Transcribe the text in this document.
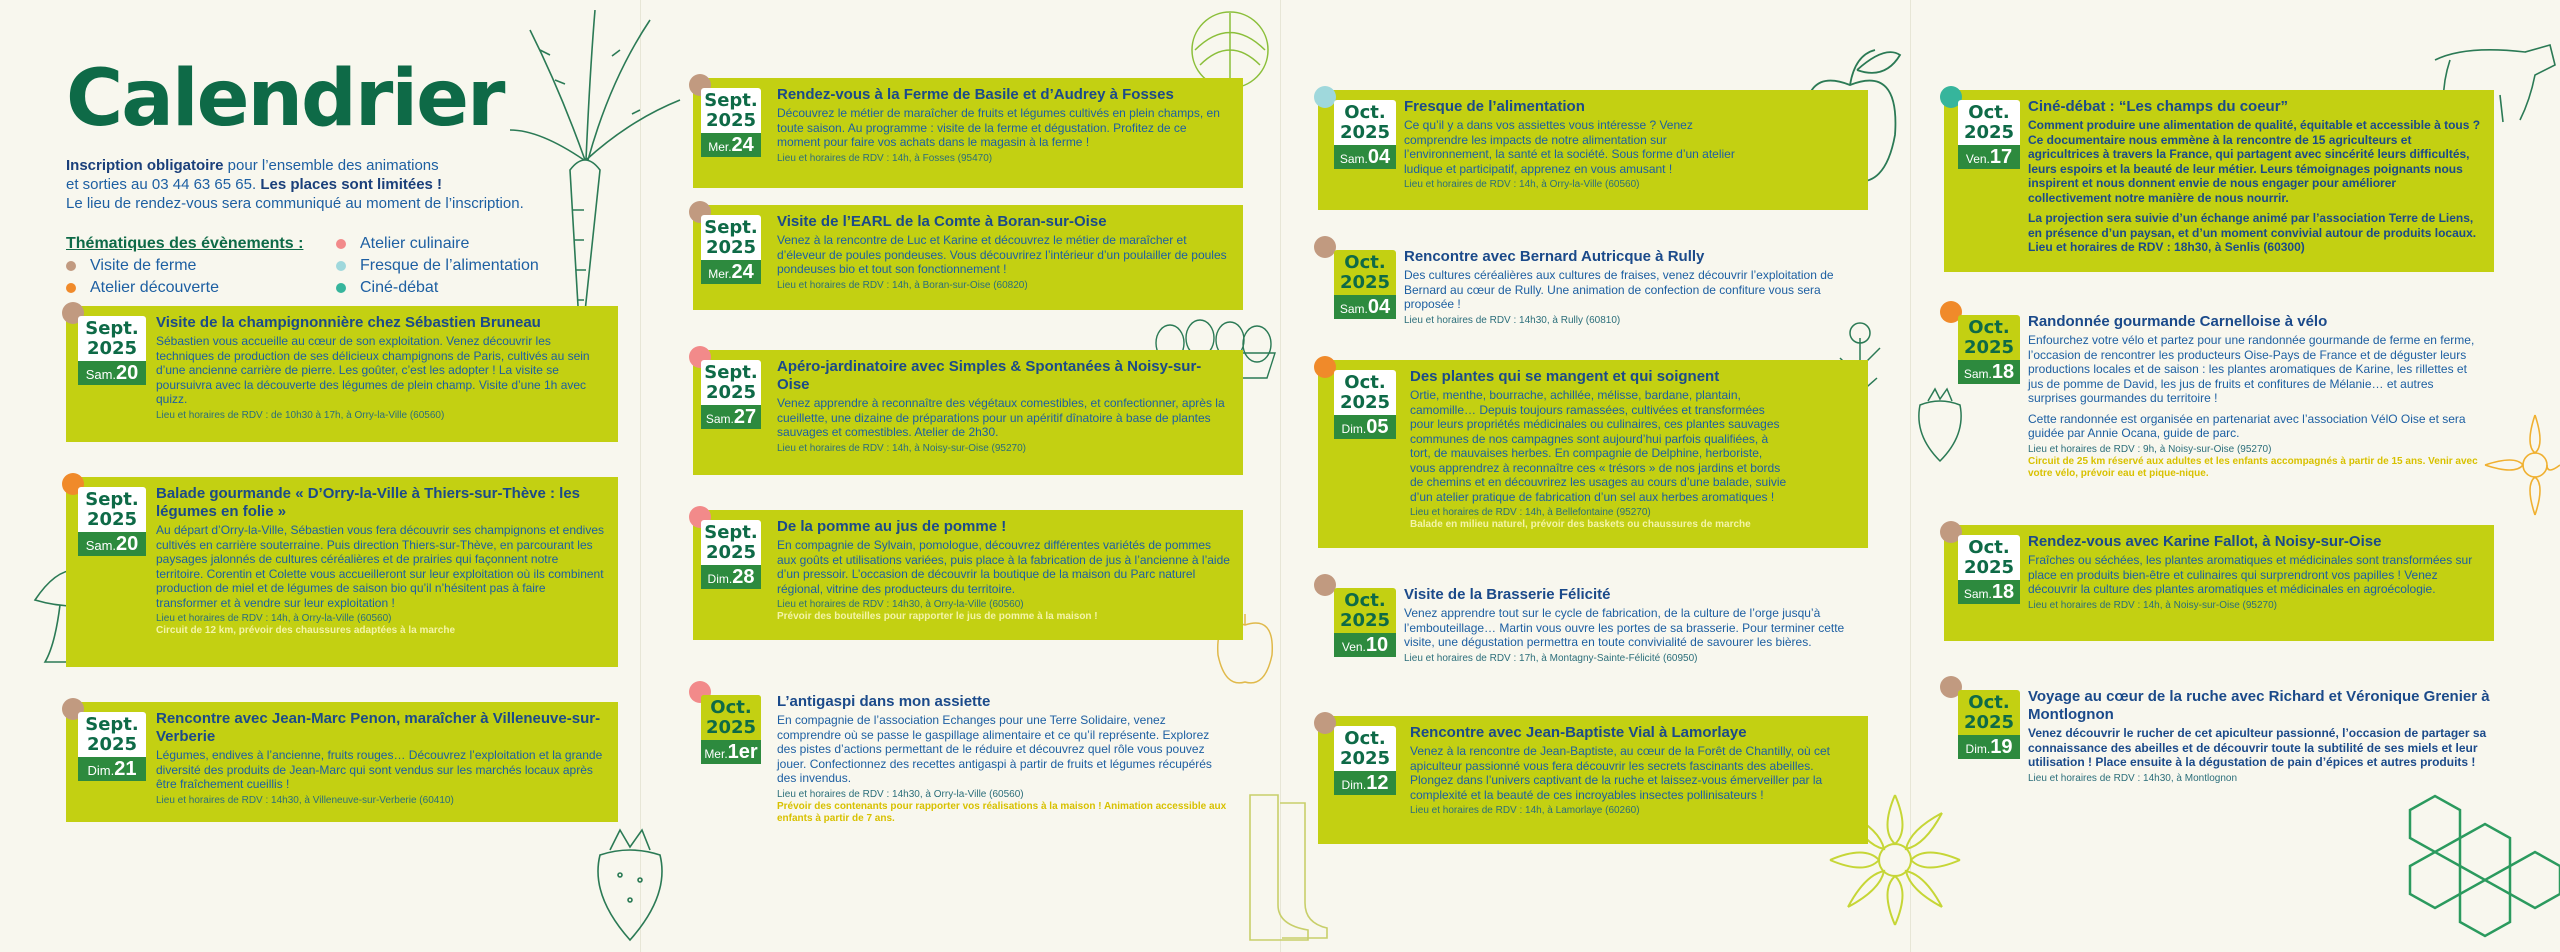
Calendrier

Inscription obligatoire pour l’ensemble des animations
et sorties au 03 44 63 65 65. Les places sont limitées !
Le lieu de rendez-vous sera communiqué au moment de l’inscription.

Thématiques des évènements :	Atelier culinaire
Visite de ferme	Fresque de l’alimentation
Atelier découverte	Ciné-débat
Sept.
2025
Sam.20

Visite de la champignonnière chez Sébastien Bruneau

Sébastien vous accueille au cœur de son exploitation. Venez découvrir les techniques de production de ses délicieux champignons de Paris, cultivés au sein d’une ancienne carrière de pierre. Les goûter, c’est les adopter ! La visite se poursuivra avec la découverte des légumes de plein champ. Visite d’une 1h avec quizz.

Lieu et horaires de RDV : de 10h30 à 17h, à Orry-la-Ville (60560)

Sept.
2025
Sam.20

Balade gourmande « D’Orry-la-Ville à Thiers-sur-Thève : les légumes en folie »

Au départ d’Orry-la-Ville, Sébastien vous fera découvrir ses champignons et endives cultivés en carrière souterraine. Puis direction Thiers-sur-Thève, en parcourant les paysages jalonnés de cultures céréalières et de prairies qui façonnent notre territoire. Corentin et Colette vous accueilleront sur leur exploitation où ils combinent production de miel et de légumes de saison bio qu’il n’hésitent pas à faire transformer et à vendre sur leur exploitation !

Lieu et horaires de RDV : 14h, à Orry-la-Ville (60560)

Circuit de 12 km, prévoir des chaussures adaptées à la marche

Sept.
2025
Dim.21

Rencontre avec Jean-Marc Penon, maraîcher à Villeneuve-sur-Verberie

Légumes, endives à l’ancienne, fruits rouges… Découvrez l’exploitation et la grande diversité des produits de Jean-Marc qui sont vendus sur les marchés locaux après être fraîchement cueillis !

Lieu et horaires de RDV : 14h30, à Villeneuve-sur-Verberie (60410)

Sept.
2025
Mer.24

Rendez-vous à la Ferme de Basile et d’Audrey à Fosses

Découvrez le métier de maraîcher de fruits et légumes cultivés en plein champs, en toute saison. Au programme : visite de la ferme et dégustation. Profitez de ce moment pour faire vos achats dans le magasin à la ferme !

Lieu et horaires de RDV : 14h, à Fosses (95470)

Sept.
2025
Mer.24

Visite de l’EARL de la Comte à Boran-sur-Oise

Venez à la rencontre de Luc et Karine et découvrez le métier de maraîcher et d’éleveur de poules pondeuses. Vous découvrirez l’intérieur d’un poulailler de poules pondeuses bio et tout son fonctionnement !

Lieu et horaires de RDV : 14h, à Boran-sur-Oise (60820)

Sept.
2025
Sam.27

Apéro-jardinatoire avec Simples & Spontanées à Noisy-sur-Oise

Venez apprendre à reconnaître des végétaux comestibles, et confectionner, après la cueillette, une dizaine de préparations pour un apéritif dînatoire à base de plantes sauvages et comestibles. Atelier de 2h30.

Lieu et horaires de RDV : 14h, à Noisy-sur-Oise (95270)

Sept.
2025
Dim.28

De la pomme au jus de pomme !

En compagnie de Sylvain, pomologue, découvrez différentes variétés de pommes aux goûts et utilisations variées, puis place à la fabrication de jus à l’ancienne à l’aide d’un pressoir. L’occasion de découvrir la boutique de la maison du Parc naturel régional, vitrine des producteurs du territoire.

Lieu et horaires de RDV : 14h30, à Orry-la-Ville (60560)

Prévoir des bouteilles pour rapporter le jus de pomme à la maison !

Oct.
2025
Mer.1er

L’antigaspi dans mon assiette

En compagnie de l’association Echanges pour une Terre Solidaire, venez comprendre où se passe le gaspillage alimentaire et ce qu’il représente. Explorez des pistes d’actions permettant de le réduire et découvrez quel rôle vous pouvez jouer. Confectionnez des recettes antigaspi à partir de fruits et légumes récupérés des invendus.

Lieu et horaires de RDV : 14h30, à Orry-la-Ville (60560)

Prévoir des contenants pour rapporter vos réalisations à la maison ! Animation accessible aux enfants à partir de 7 ans.

Oct.
2025
Sam.04

Fresque de l’alimentation

Ce qu’il y a dans vos assiettes vous intéresse ? Venez comprendre les impacts de notre alimentation sur l’environnement, la santé et la société. Sous forme d’un atelier ludique et participatif, apprenez en vous amusant !

Lieu et horaires de RDV : 14h, à Orry-la-Ville (60560)

Oct.
2025
Sam.04

Rencontre avec Bernard Autricque à Rully

Des cultures céréalières aux cultures de fraises, venez découvrir l’exploitation de Bernard au cœur de Rully. Une animation de confection de confiture vous sera proposée !

Lieu et horaires de RDV : 14h30, à Rully (60810)

Oct.
2025
Dim.05

Des plantes qui se mangent et qui soignent

Ortie, menthe, bourrache, achillée, mélisse, bardane, plantain, camomille… Depuis toujours ramassées, cultivées et transformées pour leurs propriétés médicinales ou culinaires, ces plantes sauvages communes de nos campagnes sont aujourd’hui parfois qualifiées, à tort, de mauvaises herbes. En compagnie de Delphine, herboriste, vous apprendrez à reconnaître ces « trésors » de nos jardins et bords de chemins et en découvrirez les usages au cours d’une balade, suivie d’un atelier pratique de fabrication d’un sel aux herbes aromatiques !

Lieu et horaires de RDV : 14h, à Bellefontaine (95270)

Balade en milieu naturel, prévoir des baskets ou chaussures de marche

Oct.
2025
Ven.10

Visite de la Brasserie Félicité

Venez apprendre tout sur le cycle de fabrication, de la culture de l’orge jusqu’à l’embouteillage… Martin vous ouvre les portes de sa brasserie. Pour terminer cette visite, une dégustation permettra en toute convivialité de savourer les bières.

Lieu et horaires de RDV : 17h, à Montagny-Sainte-Félicité (60950)

Oct.
2025
Dim.12

Rencontre avec Jean-Baptiste Vial à Lamorlaye

Venez à la rencontre de Jean-Baptiste, au cœur de la Forêt de Chantilly, où cet apiculteur passionné vous fera découvrir les secrets fascinants des abeilles. Plongez dans l’univers captivant de la ruche et laissez-vous émerveiller par la complexité et la beauté de ces incroyables insectes pollinisateurs !

Lieu et horaires de RDV : 14h, à Lamorlaye (60260)

Oct.
2025
Ven.17

Ciné-débat : “Les champs du coeur”

Comment produire une alimentation de qualité, équitable et accessible à tous ? Ce documentaire nous emmène à la rencontre de 15 agriculteurs et agricultrices à travers la France, qui partagent avec sincérité leurs difficultés, leurs espoirs et la beauté de leur métier. Leurs témoignages poignants nous inspirent et nous donnent envie de nous engager pour améliorer collectivement notre manière de nous nourrir.

La projection sera suivie d’un échange animé par l’association Terre de Liens, en présence d’un paysan, et d’un moment convivial autour de produits locaux. Lieu et horaires de RDV : 18h30, à Senlis (60300)

Oct.
2025
Sam.18

Randonnée gourmande Carnelloise à vélo

Enfourchez votre vélo et partez pour une randonnée gourmande de ferme en ferme, l’occasion de rencontrer les producteurs Oise-Pays de France et de déguster leurs productions locales et de saison : les plantes aromatiques de Karine, les rillettes et jus de pomme de David, les jus de fruits et confitures de Mélanie… et autres surprises gourmandes du territoire !

Cette randonnée est organisée en partenariat avec l’association VélO Oise et sera guidée par Annie Ocana, guide de parc.

Lieu et horaires de RDV : 9h, à Noisy-sur-Oise (95270)

Circuit de 25 km réservé aux adultes et les enfants accompagnés à partir de 15 ans. Venir avec votre vélo, prévoir eau et pique-nique.

Oct.
2025
Sam.18

Rendez-vous avec Karine Fallot, à Noisy-sur-Oise

Fraîches ou séchées, les plantes aromatiques et médicinales sont transformées sur place en produits bien-être et culinaires qui surprendront vos papilles ! Venez découvrir la culture des plantes aromatiques et médicinales en agroécologie.

Lieu et horaires de RDV : 14h, à Noisy-sur-Oise (95270)

Oct.
2025
Dim.19

Voyage au cœur de la ruche avec Richard et Véronique Grenier à Montlognon

Venez découvrir le rucher de cet apiculteur passionné, l’occasion de partager sa connaissance des abeilles et de découvrir toute la subtilité de ses miels et leur utilisation ! Place ensuite à la dégustation de pain d’épices et autres produits !

Lieu et horaires de RDV : 14h30, à Montlognon
